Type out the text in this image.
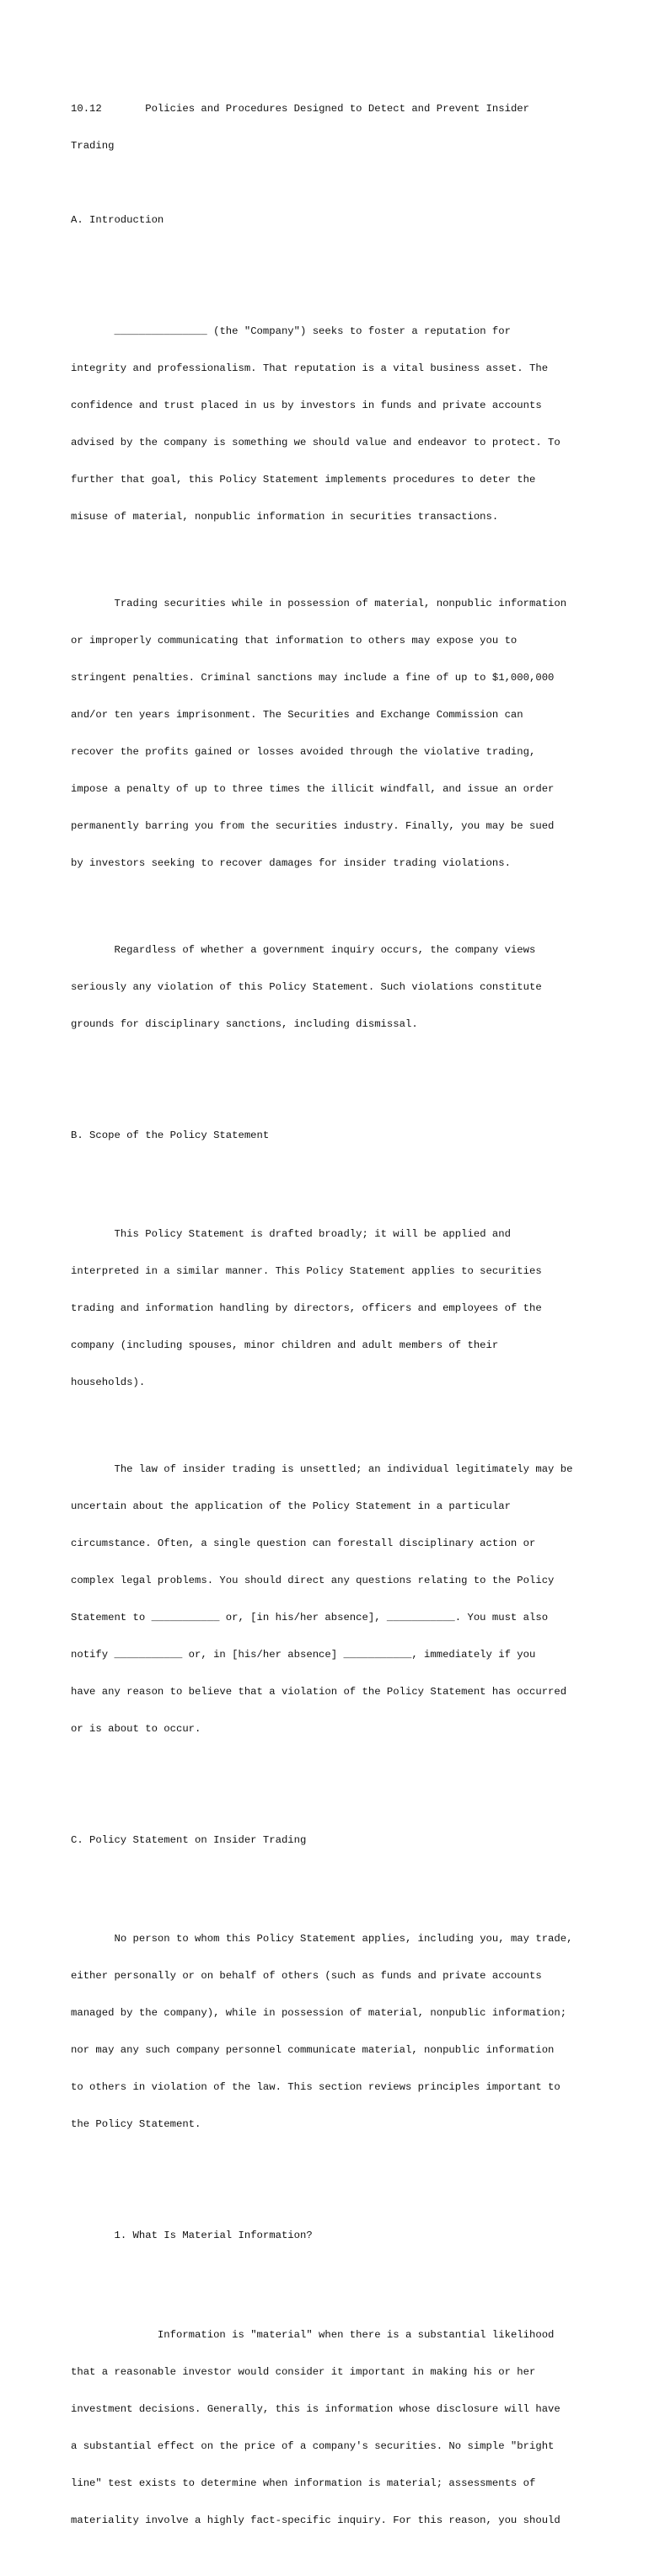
10.12	Policies and Procedures Designed to Detect and Prevent Insider

Trading

A. Introduction

_______________ (the "Company") seeks to foster a reputation for

integrity and professionalism. That reputation is a vital business asset. The

confidence and trust placed in us by investors in funds and private accounts

advised by the company is something we should value and endeavor to protect. To

further that goal, this Policy Statement implements procedures to deter the

misuse of material, nonpublic information in securities transactions.

Trading securities while in possession of material, nonpublic information

or improperly communicating that information to others may expose you to

stringent penalties. Criminal sanctions may include a fine of up to $1,000,000

and/or ten years imprisonment. The Securities and Exchange Commission can

recover the profits gained or losses avoided through the violative trading,

impose a penalty of up to three times the illicit windfall, and issue an order

permanently barring you from the securities industry. Finally, you may be sued

by investors seeking to recover damages for insider trading violations.

Regardless of whether a government inquiry occurs, the company views

seriously any violation of this Policy Statement. Such violations constitute

grounds for disciplinary sanctions, including dismissal.

B. Scope of the Policy Statement

This Policy Statement is drafted broadly; it will be applied and

interpreted in a similar manner. This Policy Statement applies to securities

trading and information handling by directors, officers and employees of the

company (including spouses, minor children and adult members of their

households).

The law of insider trading is unsettled; an individual legitimately may be

uncertain about the application of the Policy Statement in a particular

circumstance. Often, a single question can forestall disciplinary action or

complex legal problems. You should direct any questions relating to the Policy

Statement to ___________ or, [in his/her absence], ___________. You must also

notify ___________ or, in [his/her absence] ___________, immediately if you

have any reason to believe that a violation of the Policy Statement has occurred

or is about to occur.

C. Policy Statement on Insider Trading

No person to whom this Policy Statement applies, including you, may trade,

either personally or on behalf of others (such as funds and private accounts

managed by the company), while in possession of material, nonpublic information;

nor may any such company personnel communicate material, nonpublic information

to others in violation of the law. This section reviews principles important to

the Policy Statement.

1. What Is Material Information?

Information is "material" when there is a substantial likelihood

that a reasonable investor would consider it important in making his or her

investment decisions. Generally, this is information whose disclosure will have

a substantial effect on the price of a company's securities. No simple "bright

line" test exists to determine when information is material; assessments of

materiality involve a highly fact-specific inquiry. For this reason, you should
